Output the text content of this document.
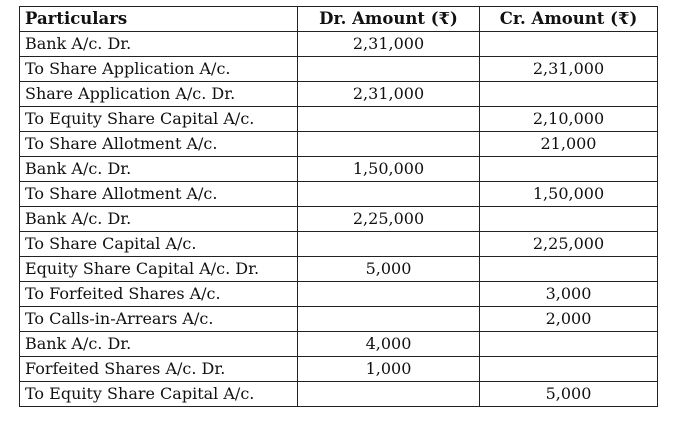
Particulars	Dr. Amount (₹)	Cr. Amount (₹)
Bank A/c. Dr.	2,31,000	
To Share Application A/c.		2,31,000
Share Application A/c. Dr.	2,31,000	
To Equity Share Capital A/c.		2,10,000
To Share Allotment A/c.		21,000
Bank A/c. Dr.	1,50,000	
To Share Allotment A/c.		1,50,000
Bank A/c. Dr.	2,25,000	
To Share Capital A/c.		2,25,000
Equity Share Capital A/c. Dr.	5,000	
To Forfeited Shares A/c.		3,000
To Calls-in-Arrears A/c.		2,000
Bank A/c. Dr.	4,000	
Forfeited Shares A/c. Dr.	1,000	
To Equity Share Capital A/c.		5,000
